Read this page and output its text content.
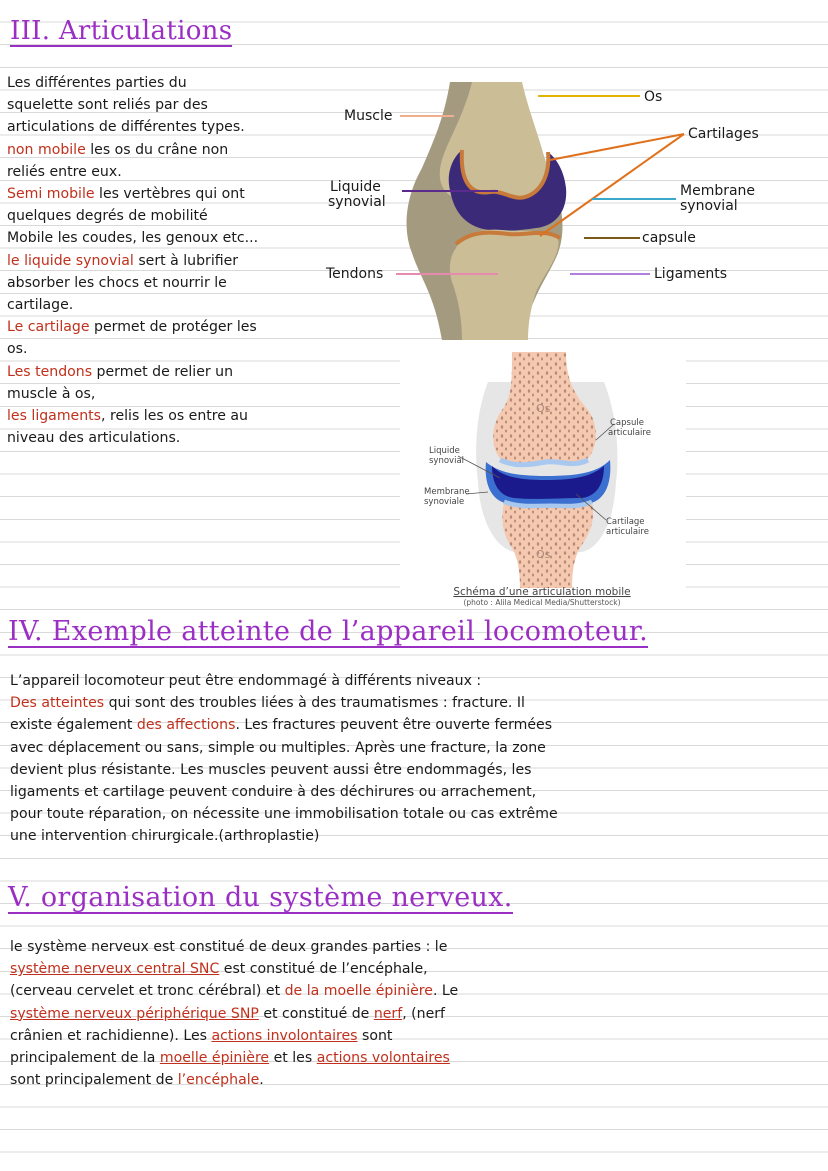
III. Articulations

Les différentes parties du

squelette sont reliés par des

articulations de différentes types.

non mobile les os du crâne non

reliés entre eux.

Semi mobile les vertèbres qui ont

quelques degrés de mobilité

Mobile les coudes, les genoux etc...

le liquide synovial sert à lubrifier

absorber les chocs et nourrir le

cartilage.

Le cartilage permet de protéger les

os.

Les tendons permet de relier un

muscle à os,

les ligaments, relis les os entre au

niveau des articulations.

Os
Muscle
Cartilages
Liquide
synovial
Membrane
synovial
capsule
Tendons	Ligaments
Os
Os
Capsule
articulaire
Liquide
synovial
Membrane
synoviale
Cartilage
articulaire
Schéma d’une articulation mobile
(photo : Alila Medical Media/Shutterstock)
IV. Exemple atteinte de l’appareil locomoteur.

L’appareil locomoteur peut être endommagé à différents niveaux :

Des atteintes qui sont des troubles liées à des traumatismes : fracture. Il

existe également des affections. Les fractures peuvent être ouverte fermées

avec déplacement ou sans, simple ou multiples. Après une fracture, la zone

devient plus résistante. Les muscles peuvent aussi être endommagés, les

ligaments et cartilage peuvent conduire à des déchirures ou arrachement,

pour toute réparation, on nécessite une immobilisation totale ou cas extrême

une intervention chirurgicale.(arthroplastie)

V. organisation du système nerveux.

le système nerveux est constitué de deux grandes parties : le

système nerveux central SNC est constitué de l’encéphale,

(cerveau cervelet et tronc cérébral) et de la moelle épinière. Le

système nerveux périphérique SNP et constitué de nerf, (nerf

crânien et rachidienne). Les actions involontaires sont

principalement de la moelle épinière et les actions volontaires

sont principalement de l’encéphale.
